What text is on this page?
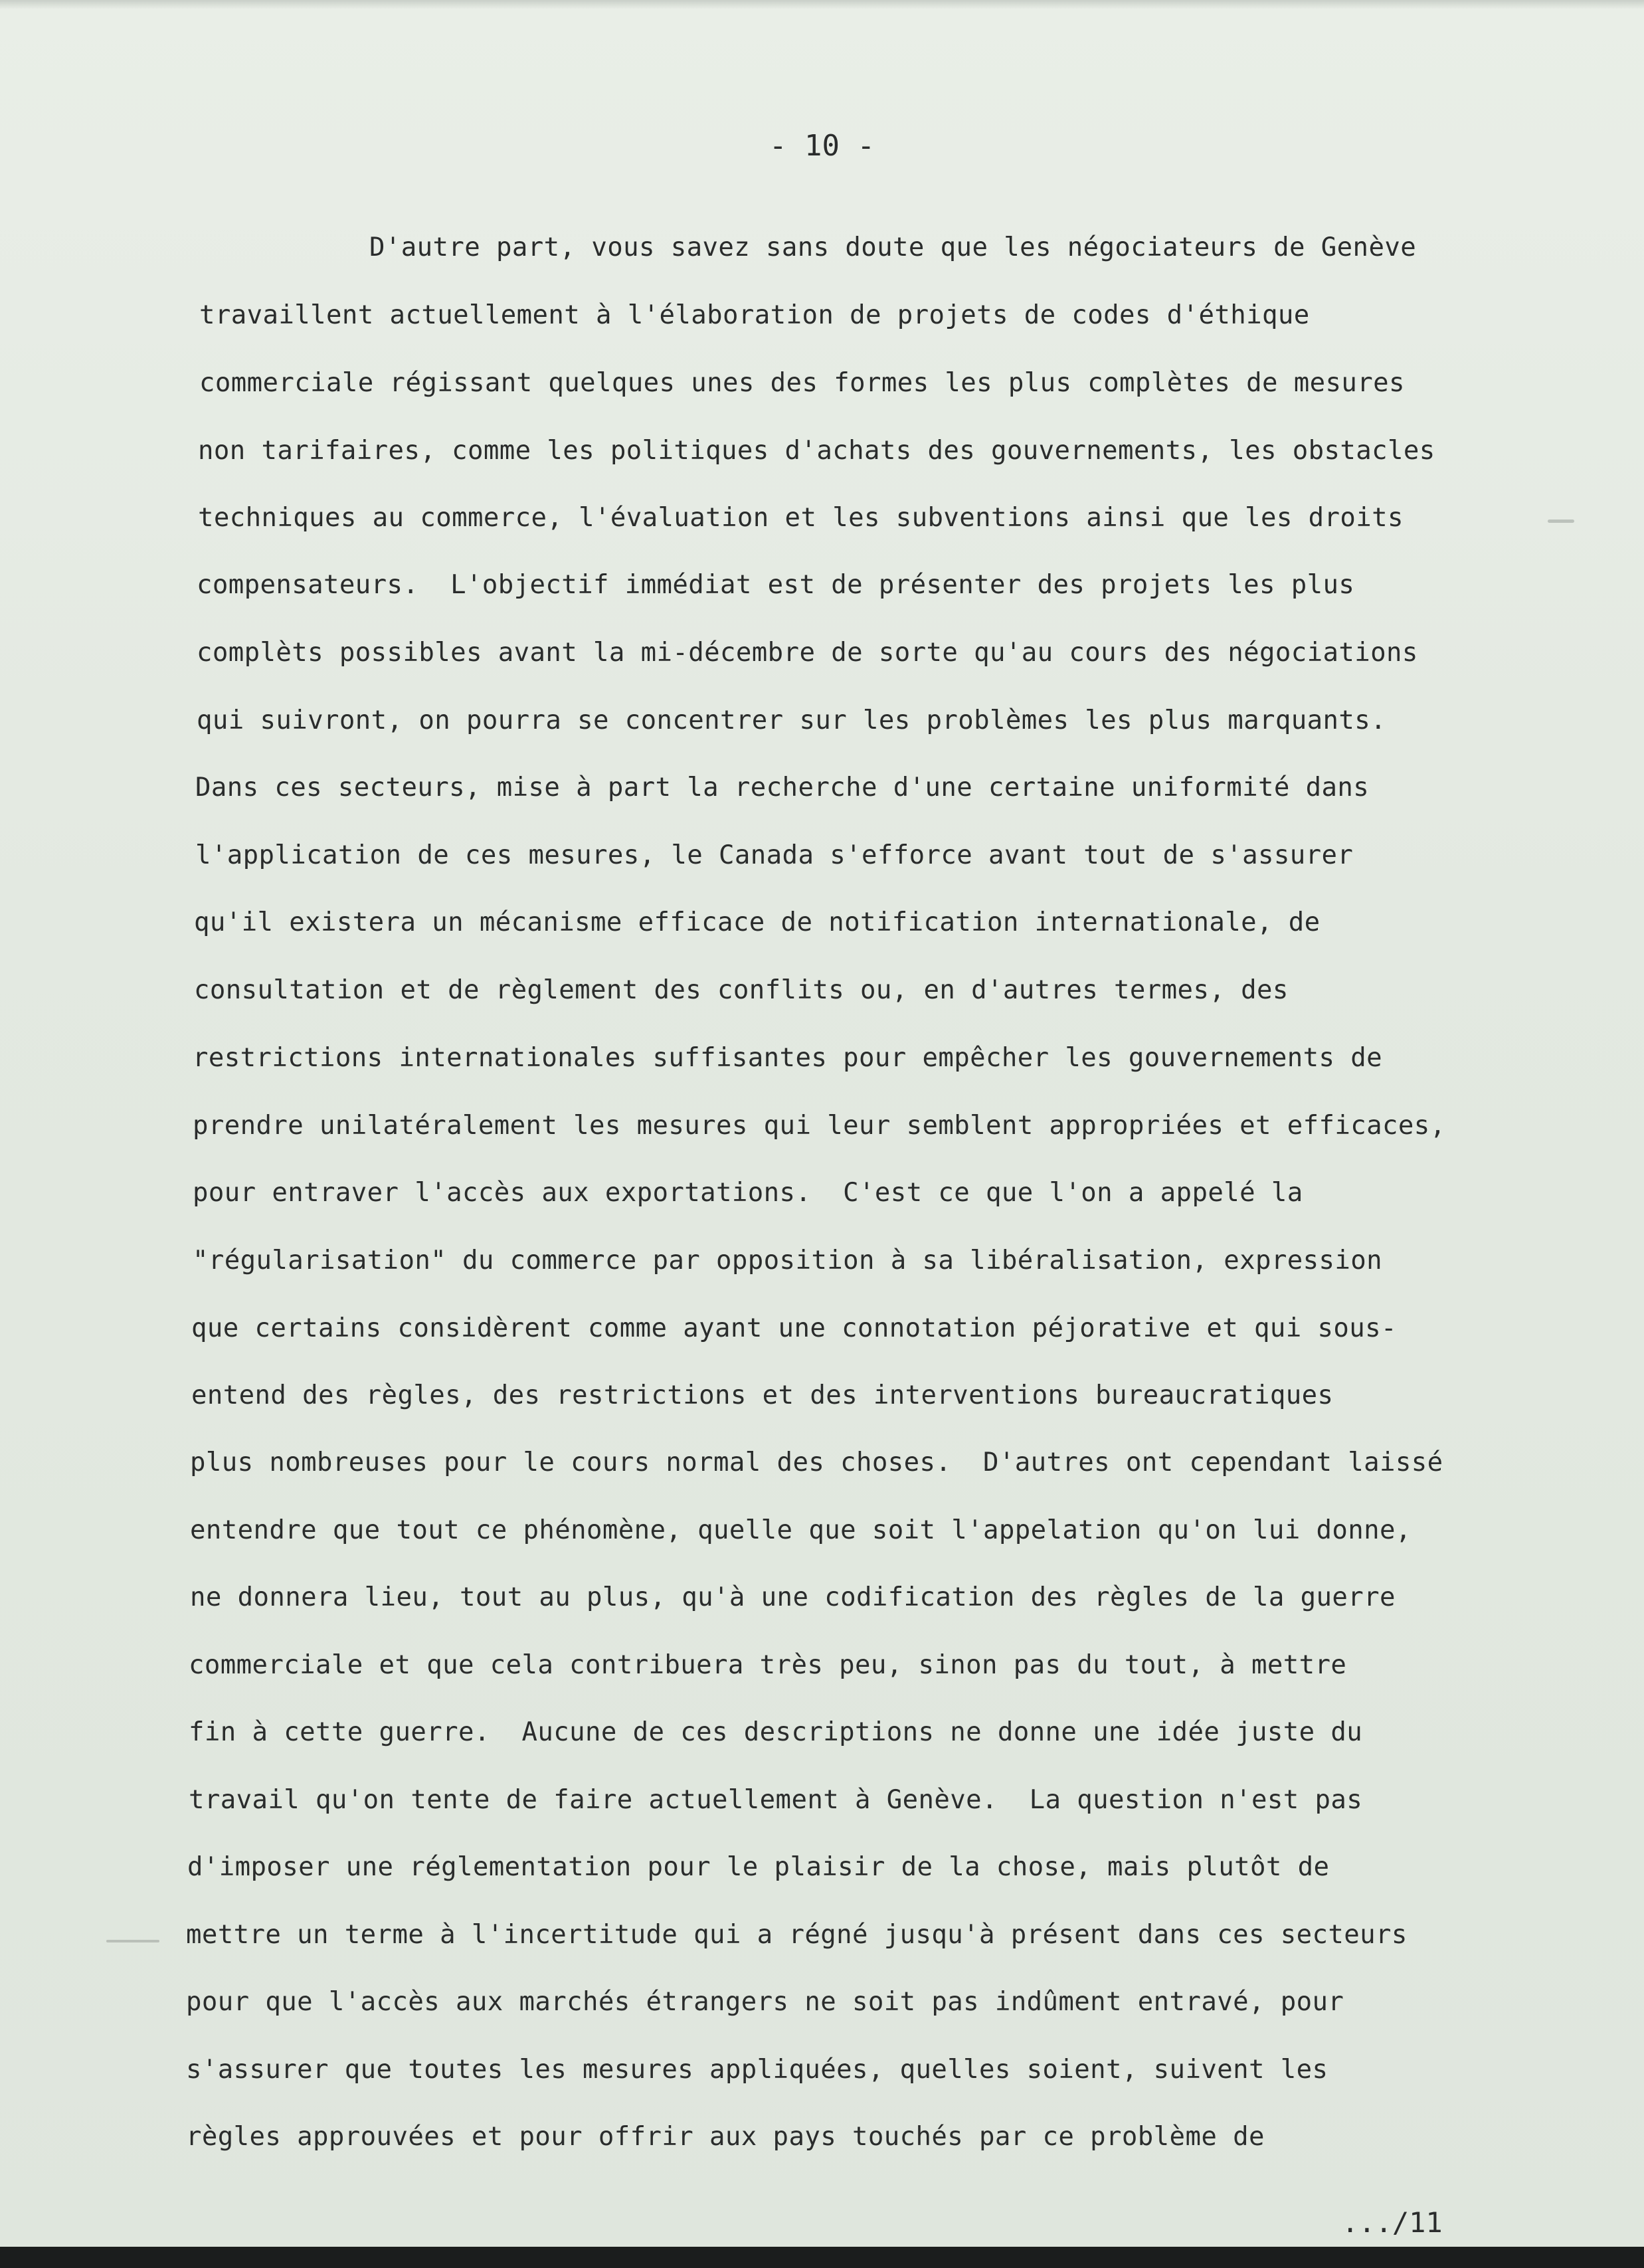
- 10 -
D'autre part, vous savez sans doute que les négociateurs de Genève
travaillent actuellement à l'élaboration de projets de codes d'éthique
commerciale régissant quelques unes des formes les plus complètes de mesures
non tarifaires, comme les politiques d'achats des gouvernements, les obstacles
techniques au commerce, l'évaluation et les subventions ainsi que les droits
compensateurs.  L'objectif immédiat est de présenter des projets les plus
complèts possibles avant la mi-décembre de sorte qu'au cours des négociations
qui suivront, on pourra se concentrer sur les problèmes les plus marquants.
Dans ces secteurs, mise à part la recherche d'une certaine uniformité dans
l'application de ces mesures, le Canada s'efforce avant tout de s'assurer
qu'il existera un mécanisme efficace de notification internationale, de
consultation et de règlement des conflits ou, en d'autres termes, des
restrictions internationales suffisantes pour empêcher les gouvernements de
prendre unilatéralement les mesures qui leur semblent appropriées et efficaces,
pour entraver l'accès aux exportations.  C'est ce que l'on a appelé la
"régularisation" du commerce par opposition à sa libéralisation, expression
que certains considèrent comme ayant une connotation péjorative et qui sous-
entend des règles, des restrictions et des interventions bureaucratiques
plus nombreuses pour le cours normal des choses.  D'autres ont cependant laissé
entendre que tout ce phénomène, quelle que soit l'appelation qu'on lui donne,
ne donnera lieu, tout au plus, qu'à une codification des règles de la guerre
commerciale et que cela contribuera très peu, sinon pas du tout, à mettre
fin à cette guerre.  Aucune de ces descriptions ne donne une idée juste du
travail qu'on tente de faire actuellement à Genève.  La question n'est pas
d'imposer une réglementation pour le plaisir de la chose, mais plutôt de
mettre un terme à l'incertitude qui a régné jusqu'à présent dans ces secteurs
pour que l'accès aux marchés étrangers ne soit pas indûment entravé, pour
s'assurer que toutes les mesures appliquées, quelles soient, suivent les
règles approuvées et pour offrir aux pays touchés par ce problème de
.../11
